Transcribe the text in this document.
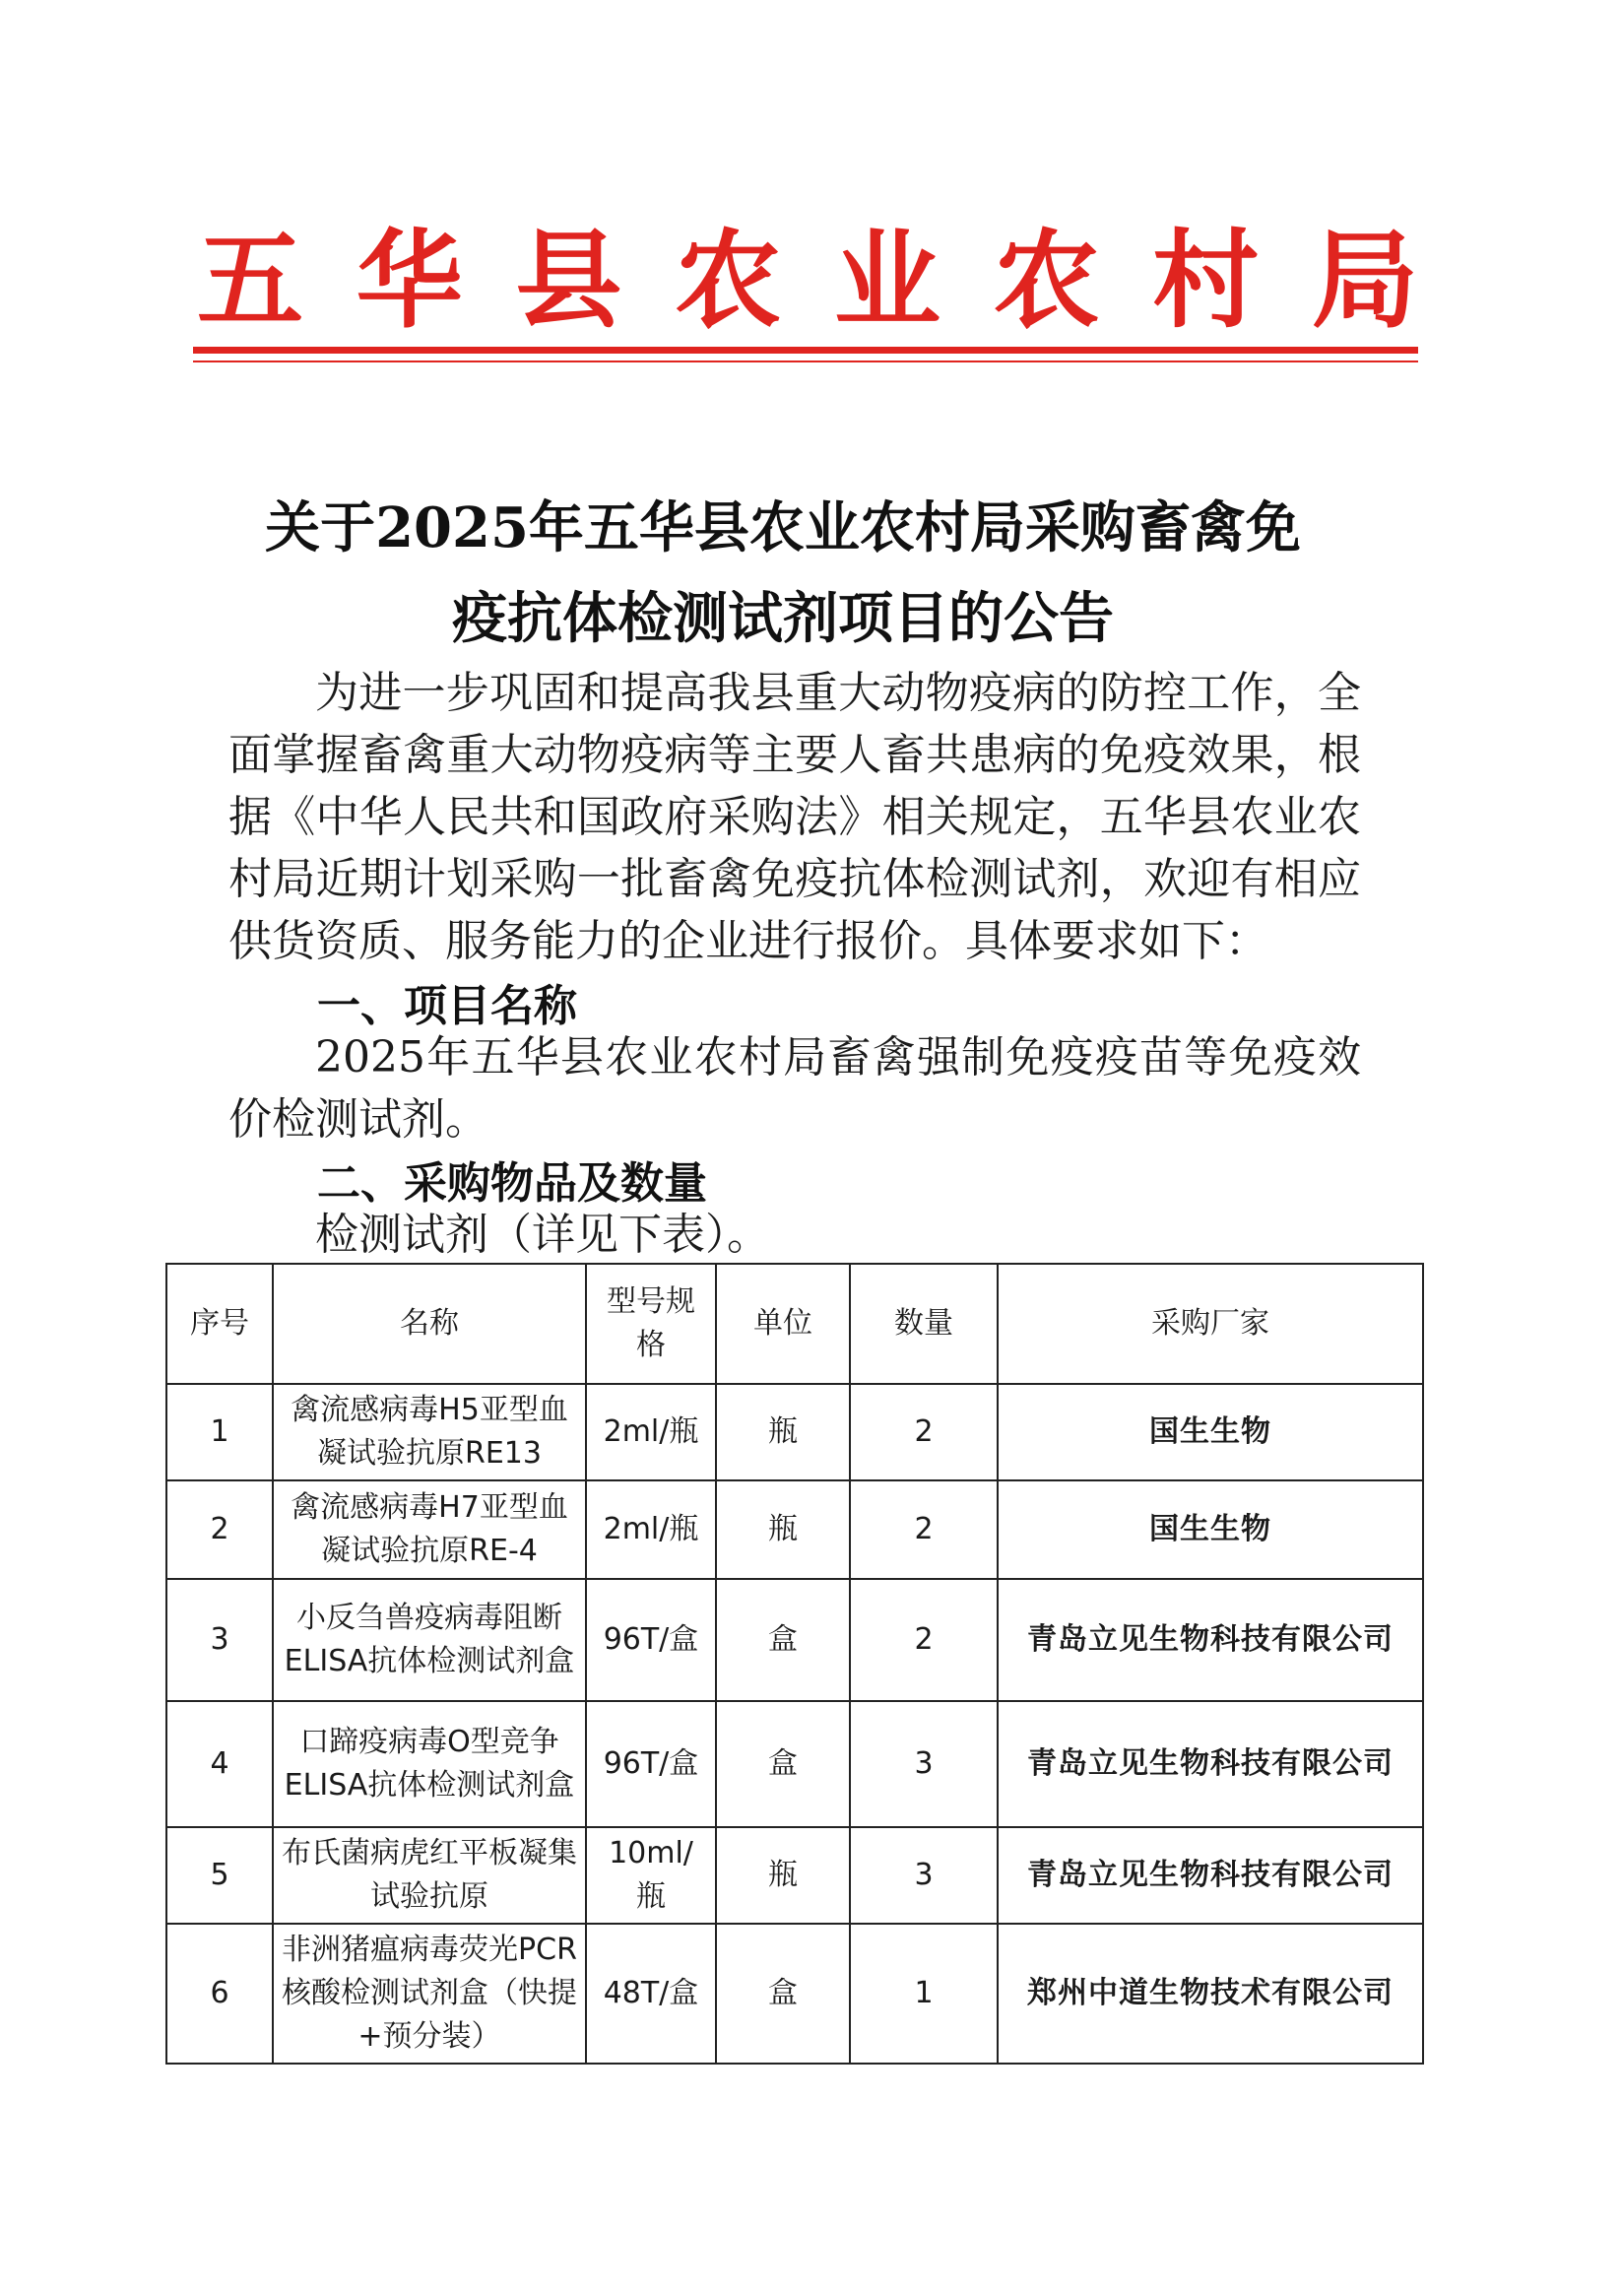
五 华 县 农 业 农 村 局
关于2025年五华县农业农村局采购畜禽免
疫抗体检测试剂项目的公告
为进一步巩固和提高我县重大动物疫病的防控工作，全面掌握畜禽重大动物疫病等主要人畜共患病的免疫效果，根据《中华人民共和国政府采购法》相关规定，五华县农业农村局近期计划采购一批畜禽免疫抗体检测试剂，欢迎有相应供货资质、服务能力的企业进行报价。具体要求如下：
一、项目名称
2025年五华县农业农村局畜禽强制免疫疫苗等免疫效价检测试剂。
二、采购物品及数量
检测试剂（详见下表）。
序号	名称	型号规格	单位	数量	采购厂家
1	禽流感病毒H5亚型血凝试验抗原RE13	2ml/瓶	瓶	2	国生生物
2	禽流感病毒H7亚型血凝试验抗原RE-4	2ml/瓶	瓶	2	国生生物
3	小反刍兽疫病毒阻断ELISA抗体检测试剂盒	96T/盒	盒	2	青岛立见生物科技有限公司
4	口蹄疫病毒O型竞争ELISA抗体检测试剂盒	96T/盒	盒	3	青岛立见生物科技有限公司
5	布氏菌病虎红平板凝集试验抗原	10ml/瓶	瓶	3	青岛立见生物科技有限公司
6	非洲猪瘟病毒荧光PCR核酸检测试剂盒（快提+预分装）	48T/盒	盒	1	郑州中道生物技术有限公司
